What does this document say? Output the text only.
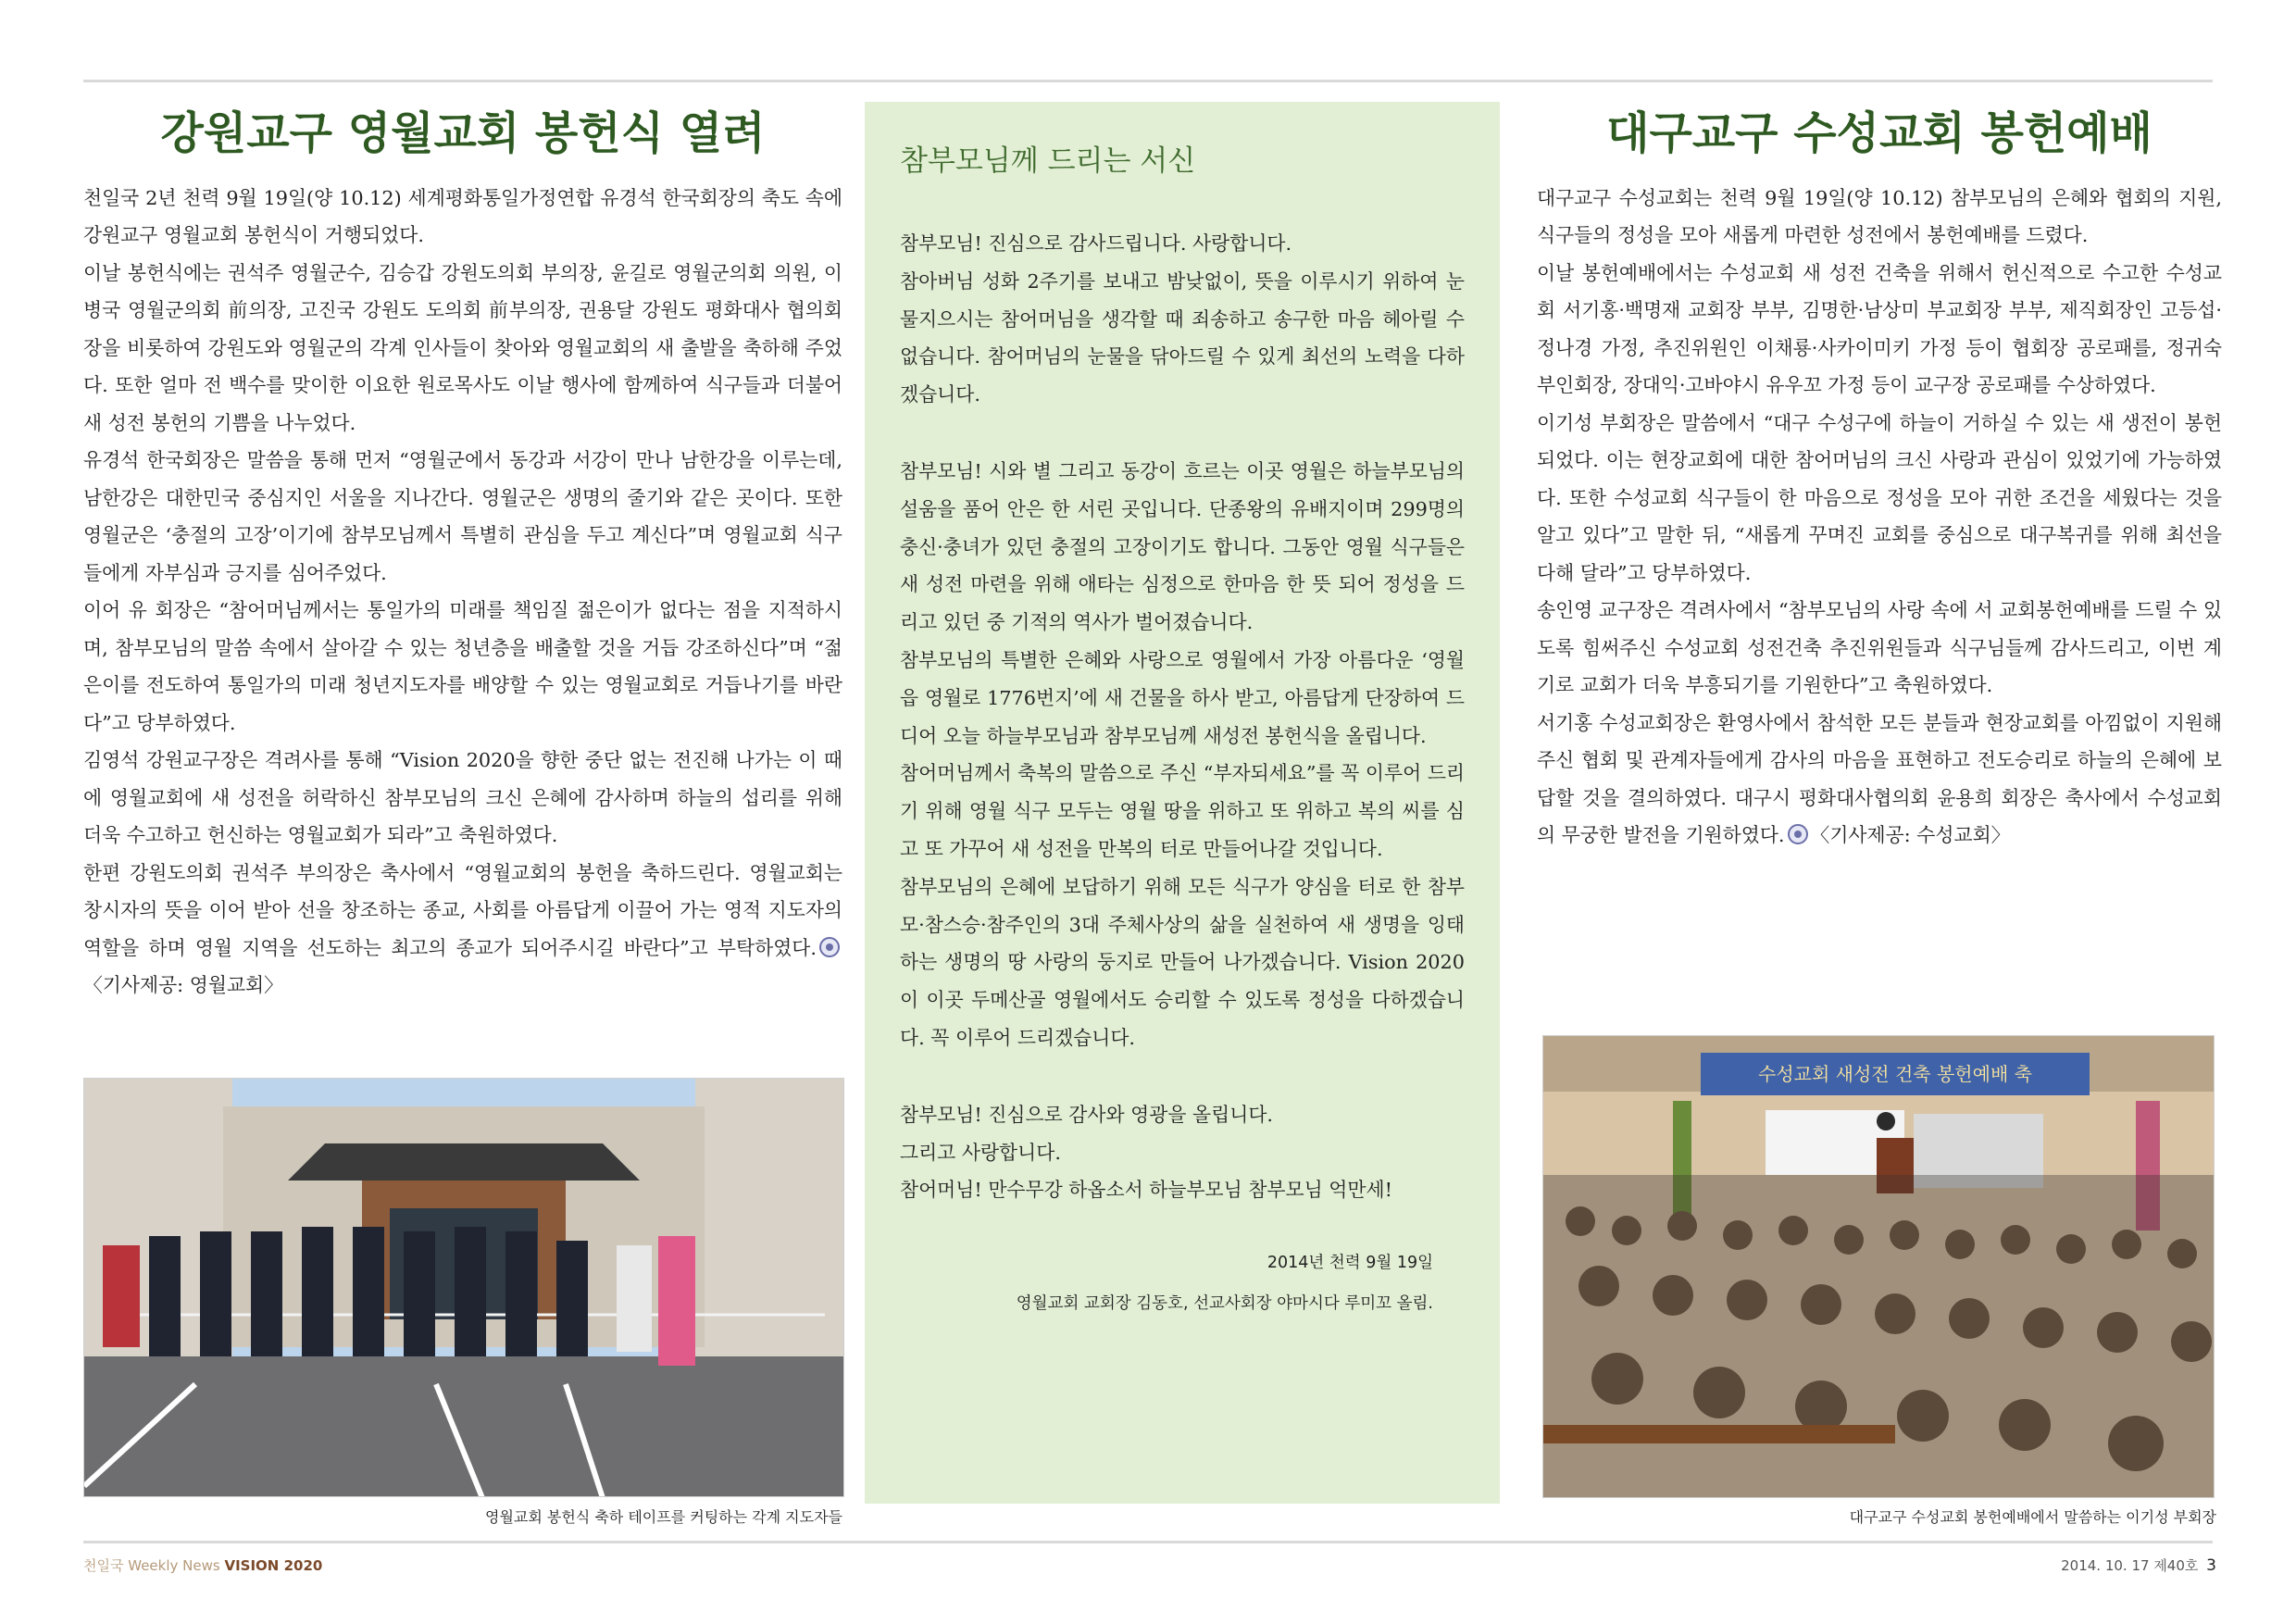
강원교구 영월교회 봉헌식 열려

천일국 2년 천력 9월 19일(양 10.12) 세계평화통일가정연합 유경석 한국회장의 축도 속에 강원교구 영월교회 봉헌식이 거행되었다.

이날 봉헌식에는 권석주 영월군수, 김승갑 강원도의회 부의장, 윤길로 영월군의회 의원, 이병국 영월군의회 前의장, 고진국 강원도 도의회 前부의장, 권용달 강원도 평화대사 협의회장을 비롯하여 강원도와 영월군의 각계 인사들이 찾아와 영월교회의 새 출발을 축하해 주었다. 또한 얼마 전 백수를 맞이한 이요한 원로목사도 이날 행사에 함께하여 식구들과 더불어 새 성전 봉헌의 기쁨을 나누었다.

유경석 한국회장은 말씀을 통해 먼저 “영월군에서 동강과 서강이 만나 남한강을 이루는데, 남한강은 대한민국 중심지인 서울을 지나간다. 영월군은 생명의 줄기와 같은 곳이다. 또한 영월군은 ‘충절의 고장’이기에 참부모님께서 특별히 관심을 두고 계신다”며 영월교회 식구들에게 자부심과 긍지를 심어주었다.

이어 유 회장은 “참어머님께서는 통일가의 미래를 책임질 젊은이가 없다는 점을 지적하시며, 참부모님의 말씀 속에서 살아갈 수 있는 청년층을 배출할 것을 거듭 강조하신다”며 “젊은이를 전도하여 통일가의 미래 청년지도자를 배양할 수 있는 영월교회로 거듭나기를 바란다”고 당부하였다.

김영석 강원교구장은 격려사를 통해 “Vision 2020을 향한 중단 없는 전진해 나가는 이 때에 영월교회에 새 성전을 허락하신 참부모님의 크신 은혜에 감사하며 하늘의 섭리를 위해 더욱 수고하고 헌신하는 영월교회가 되라”고 축원하였다.

한편 강원도의회 권석주 부의장은 축사에서 “영월교회의 봉헌을 축하드린다. 영월교회는 창시자의 뜻을 이어 받아 선을 창조하는 종교, 사회를 아름답게 이끌어 가는 영적 지도자의 역할을 하며 영월 지역을 선도하는 최고의 종교가 되어주시길 바란다”고 부탁하였다.〈기사제공: 영월교회〉

영월교회 봉헌식 축하 테이프를 커팅하는 각계 지도자들
참부모님께 드리는 서신

참부모님! 진심으로 감사드립니다. 사랑합니다.

참아버님 성화 2주기를 보내고 밤낮없이, 뜻을 이루시기 위하여 눈물지으시는 참어머님을 생각할 때 죄송하고 송구한 마음 헤아릴 수 없습니다. 참어머님의 눈물을 닦아드릴 수 있게 최선의 노력을 다하겠습니다.

참부모님! 시와 별 그리고 동강이 흐르는 이곳 영월은 하늘부모님의 설움을 품어 안은 한 서린 곳입니다. 단종왕의 유배지이며 299명의 충신·충녀가 있던 충절의 고장이기도 합니다. 그동안 영월 식구들은 새 성전 마련을 위해 애타는 심정으로 한마음 한 뜻 되어 정성을 드리고 있던 중 기적의 역사가 벌어졌습니다.

참부모님의 특별한 은혜와 사랑으로 영월에서 가장 아름다운 ‘영월읍 영월로 1776번지’에 새 건물을 하사 받고, 아름답게 단장하여 드디어 오늘 하늘부모님과 참부모님께 새성전 봉헌식을 올립니다.

참어머님께서 축복의 말씀으로 주신 “부자되세요”를 꼭 이루어 드리기 위해 영월 식구 모두는 영월 땅을 위하고 또 위하고 복의 씨를 심고 또 가꾸어 새 성전을 만복의 터로 만들어나갈 것입니다.

참부모님의 은혜에 보답하기 위해 모든 식구가 양심을 터로 한 참부모·참스승·참주인의 3대 주체사상의 삶을 실천하여 새 생명을 잉태하는 생명의 땅 사랑의 둥지로 만들어 나가겠습니다. Vision 2020이 이곳 두메산골 영월에서도 승리할 수 있도록 정성을 다하겠습니다. 꼭 이루어 드리겠습니다.

참부모님! 진심으로 감사와 영광을 올립니다.

그리고 사랑합니다.

참어머님! 만수무강 하옵소서 하늘부모님 참부모님 억만세!

2014년 천력 9월 19일
영월교회 교회장 김동호, 선교사회장 야마시다 루미꼬 올림.
대구교구 수성교회 봉헌예배

대구교구 수성교회는 천력 9월 19일(양 10.12) 참부모님의 은혜와 협회의 지원, 식구들의 정성을 모아 새롭게 마련한 성전에서 봉헌예배를 드렸다.

이날 봉헌예배에서는 수성교회 새 성전 건축을 위해서 헌신적으로 수고한 수성교회 서기홍·백명재 교회장 부부, 김명한·남상미 부교회장 부부, 제직회장인 고등섭·정나경 가정, 추진위원인 이채룡·사카이미키 가정 등이 협회장 공로패를, 정귀숙 부인회장, 장대익·고바야시 유우꼬 가정 등이 교구장 공로패를 수상하였다.

이기성 부회장은 말씀에서 “대구 수성구에 하늘이 거하실 수 있는 새 생전이 봉헌되었다. 이는 현장교회에 대한 참어머님의 크신 사랑과 관심이 있었기에 가능하였다. 또한 수성교회 식구들이 한 마음으로 정성을 모아 귀한 조건을 세웠다는 것을 알고 있다”고 말한 뒤, “새롭게 꾸며진 교회를 중심으로 대구복귀를 위해 최선을 다해 달라”고 당부하였다.

송인영 교구장은 격려사에서 “참부모님의 사랑 속에 서 교회봉헌예배를 드릴 수 있도록 힘써주신 수성교회 성전건축 추진위원들과 식구님들께 감사드리고, 이번 계기로 교회가 더욱 부흥되기를 기원한다”고 축원하였다.

서기홍 수성교회장은 환영사에서 참석한 모든 분들과 현장교회를 아낌없이 지원해 주신 협회 및 관계자들에게 감사의 마음을 표현하고 전도승리로 하늘의 은혜에 보답할 것을 결의하였다. 대구시 평화대사협의회 윤용희 회장은 축사에서 수성교회의 무궁한 발전을 기원하였다. 〈기사제공: 수성교회〉

수성교회 새성전 건축 봉헌예배 축
대구교구 수성교회 봉헌예배에서 말씀하는 이기성 부회장
천일국 Weekly News VISION 2020	2014. 10. 17 제40호 3
